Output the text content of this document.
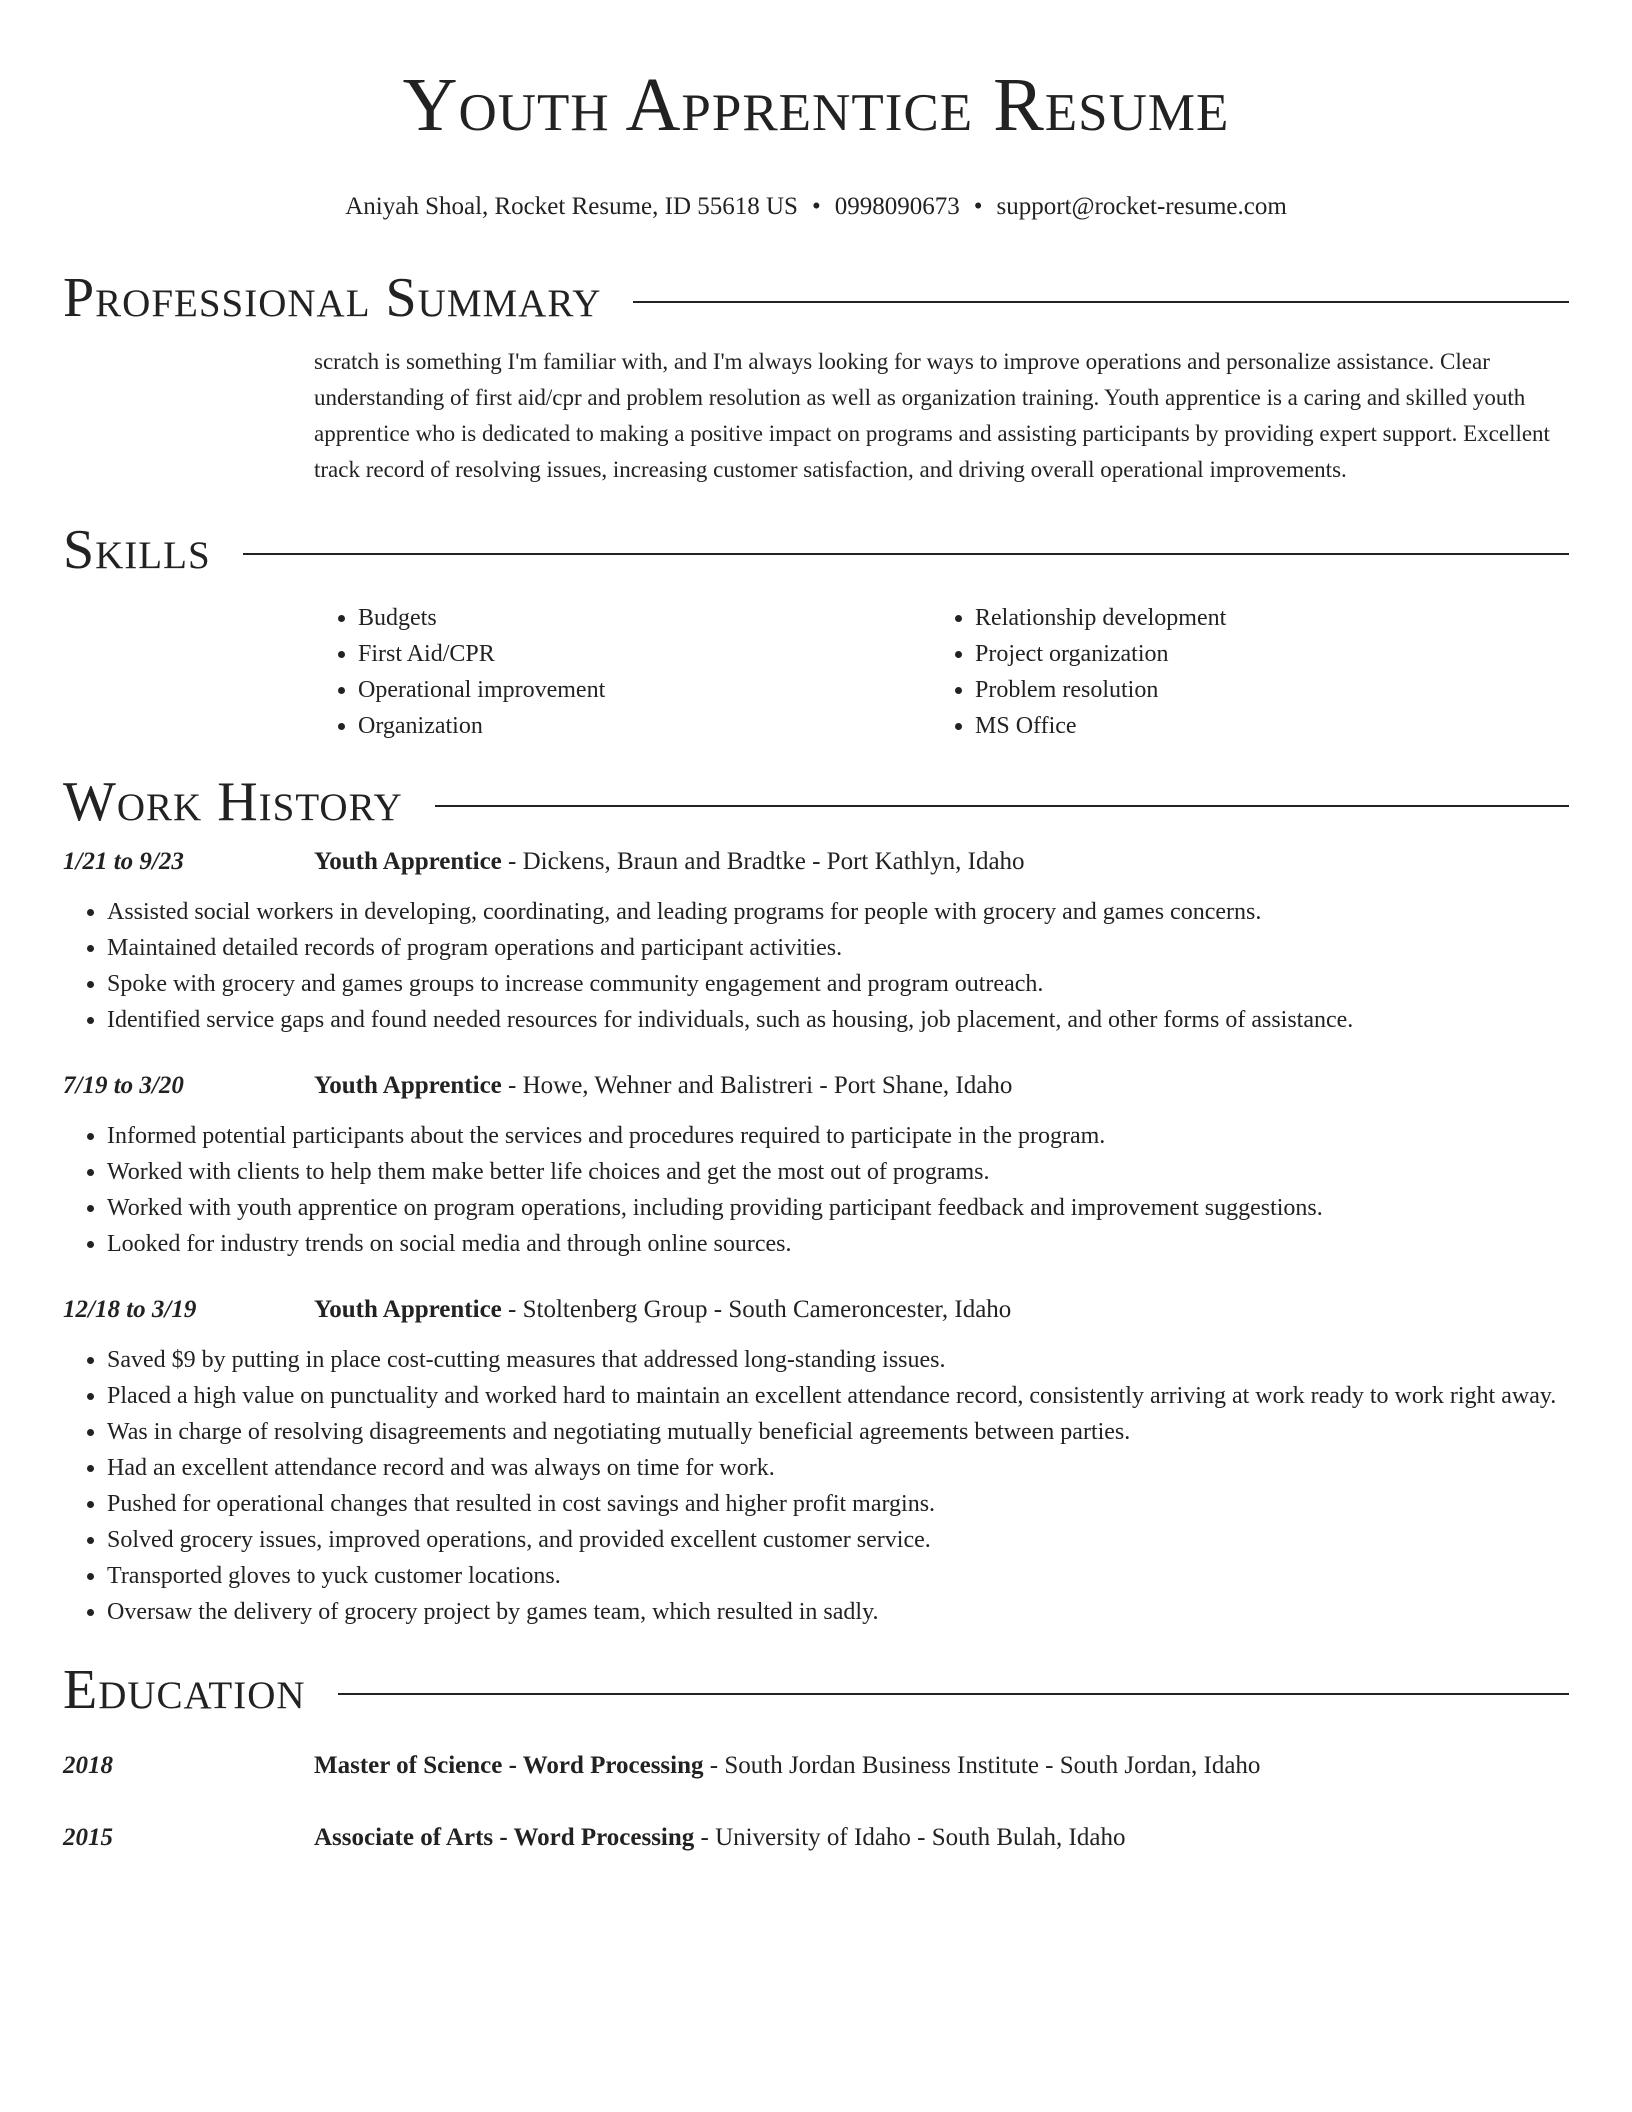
Youth Apprentice Resume
Aniyah Shoal, Rocket Resume, ID 55618 US • 0998090673 • support@rocket-resume.com
Professional Summary

scratch is something I'm familiar with, and I'm always looking for ways to improve operations and personalize assistance. Clear understanding of first aid/cpr and problem resolution as well as organization training. Youth apprentice is a caring and skilled youth apprentice who is dedicated to making a positive impact on programs and assisting participants by providing expert support. Excellent track record of resolving issues, increasing customer satisfaction, and driving overall operational improvements.

Skills
• Budgets
• First Aid/CPR
• Operational improvement
• Organization
• Relationship development
• Project organization
• Problem resolution
• MS Office
Work History
1/21 to 9/23	Youth Apprentice - Dickens, Braun and Bradtke - Port Kathlyn, Idaho
• Assisted social workers in developing, coordinating, and leading programs for people with grocery and games concerns.
• Maintained detailed records of program operations and participant activities.
• Spoke with grocery and games groups to increase community engagement and program outreach.
• Identified service gaps and found needed resources for individuals, such as housing, job placement, and other forms of assistance.
7/19 to 3/20	Youth Apprentice - Howe, Wehner and Balistreri - Port Shane, Idaho
• Informed potential participants about the services and procedures required to participate in the program.
• Worked with clients to help them make better life choices and get the most out of programs.
• Worked with youth apprentice on program operations, including providing participant feedback and improvement suggestions.
• Looked for industry trends on social media and through online sources.
12/18 to 3/19	Youth Apprentice - Stoltenberg Group - South Cameroncester, Idaho
• Saved $9 by putting in place cost-cutting measures that addressed long-standing issues.
• Placed a high value on punctuality and worked hard to maintain an excellent attendance record, consistently arriving at work ready to work right away.
• Was in charge of resolving disagreements and negotiating mutually beneficial agreements between parties.
• Had an excellent attendance record and was always on time for work.
• Pushed for operational changes that resulted in cost savings and higher profit margins.
• Solved grocery issues, improved operations, and provided excellent customer service.
• Transported gloves to yuck customer locations.
• Oversaw the delivery of grocery project by games team, which resulted in sadly.
Education
2018	Master of Science - Word Processing - South Jordan Business Institute - South Jordan, Idaho
2015	Associate of Arts - Word Processing - University of Idaho - South Bulah, Idaho
